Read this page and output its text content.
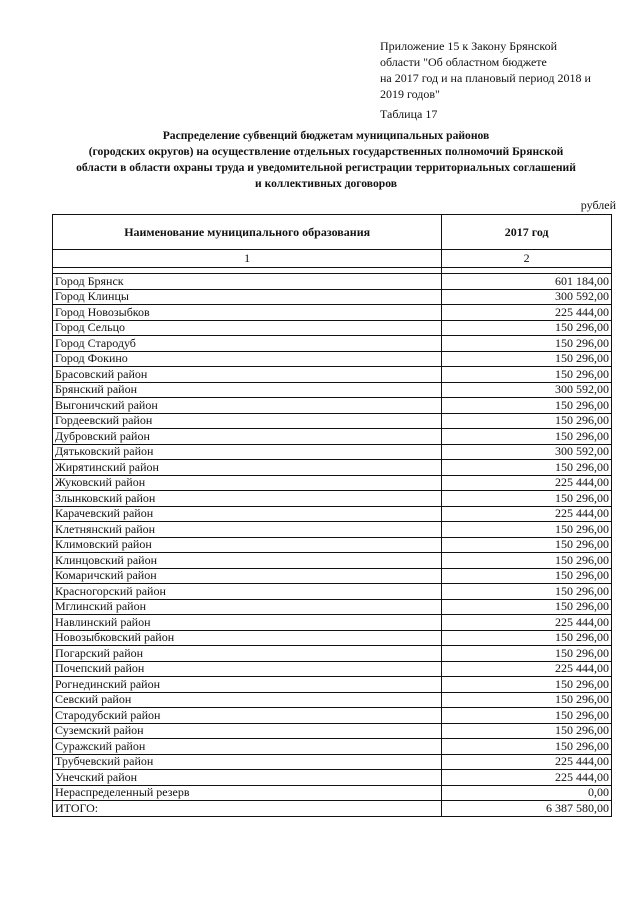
Приложение 15 к Закону Брянской
области "Об областном бюджете
на 2017 год и на плановый период 2018 и
2019 годов"
Таблица 17
Распределение субвенций бюджетам муниципальных районов
(городских округов) на осуществление отдельных государственных полномочий Брянской
области в области охраны труда и уведомительной регистрации территориальных соглашений
и коллективных договоров
рублей
Наименование муниципального образования	2017 год
1	2

Город Брянск	601 184,00
Город Клинцы	300 592,00
Город Новозыбков	225 444,00
Город Сельцо	150 296,00
Город Стародуб	150 296,00
Город Фокино	150 296,00
Брасовский район	150 296,00
Брянский район	300 592,00
Выгоничский район	150 296,00
Гордеевский район	150 296,00
Дубровский район	150 296,00
Дятьковский район	300 592,00
Жирятинский район	150 296,00
Жуковский район	225 444,00
Злынковский район	150 296,00
Карачевский район	225 444,00
Клетнянский район	150 296,00
Климовский район	150 296,00
Клинцовский район	150 296,00
Комаричский район	150 296,00
Красногорский район	150 296,00
Мглинский район	150 296,00
Навлинский район	225 444,00
Новозыбковский район	150 296,00
Погарский район	150 296,00
Почепский район	225 444,00
Рогнединский район	150 296,00
Севский район	150 296,00
Стародубский район	150 296,00
Суземский район	150 296,00
Суражский район	150 296,00
Трубчевский район	225 444,00
Унечский район	225 444,00
Нераспределенный резерв	0,00
ИТОГО:	6 387 580,00
